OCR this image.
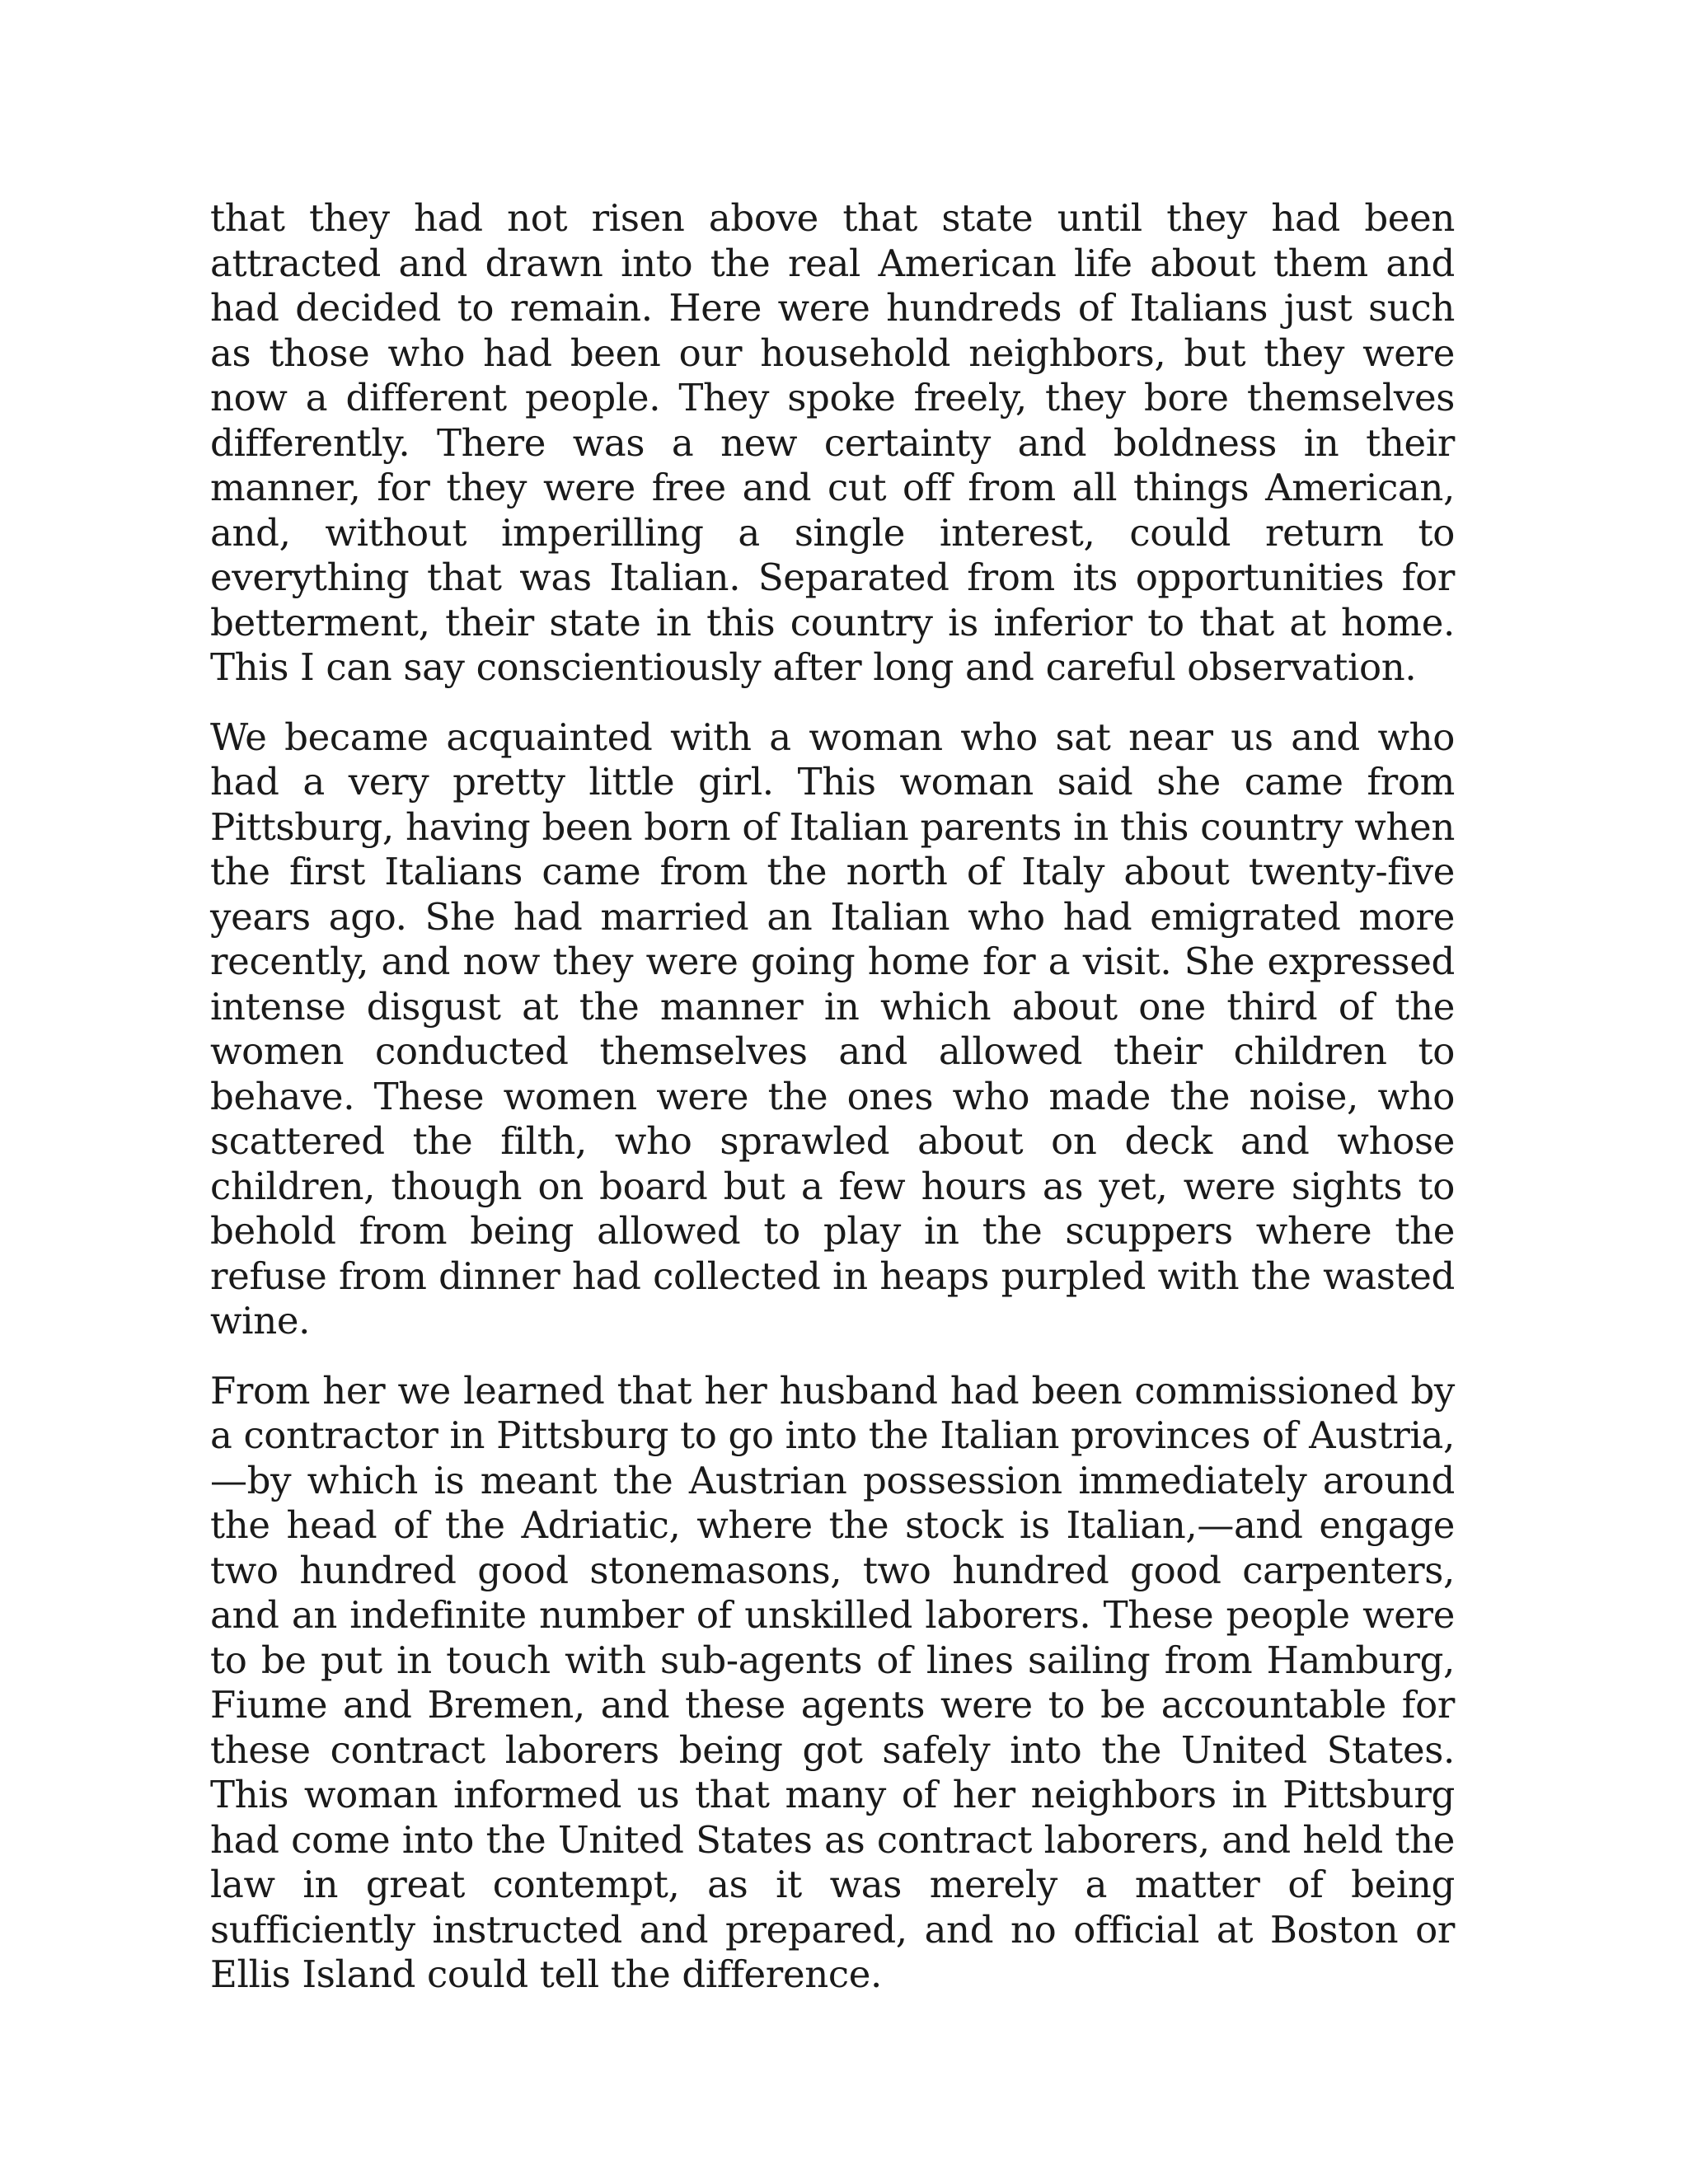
that they had not risen above that state until they had been attracted and drawn into the real American life about them and had decided to remain. Here were hundreds of Italians just such as those who had been our household neighbors, but they were now a different people. They spoke freely, they bore themselves differently. There was a new certainty and boldness in their manner, for they were free and cut off from all things American, and, without imperilling a single interest, could return to everything that was Italian. Separated from its opportunities for betterment, their state in this country is inferior to that at home. This I can say conscientiously after long and careful observation.

We became acquainted with a woman who sat near us and who had a very pretty little girl. This woman said she came from Pittsburg, having been born of Italian parents in this country when the first Italians came from the north of Italy about twenty-five years ago. She had married an Italian who had emigrated more recently, and now they were going home for a visit. She expressed intense disgust at the manner in which about one third of the women conducted themselves and allowed their children to behave. These women were the ones who made the noise, who scattered the filth, who sprawled about on deck and whose children, though on board but a few hours as yet, were sights to behold from being allowed to play in the scuppers where the refuse from dinner had collected in heaps purpled with the wasted wine.

From her we learned that her husband had been commissioned by a contractor in Pittsburg to go into the Italian provinces of Austria,—by which is meant the Austrian possession immediately around the head of the Adriatic, where the stock is Italian,—and engage two hundred good stonemasons, two hundred good carpenters, and an indefinite number of unskilled laborers. These people were to be put in touch with sub-agents of lines sailing from Hamburg, Fiume and Bremen, and these agents were to be accountable for these contract laborers being got safely into the United States. This woman informed us that many of her neighbors in Pittsburg had come into the United States as contract laborers, and held the law in great contempt, as it was merely a matter of being sufficiently instructed and prepared, and no official at Boston or Ellis Island could tell the difference.
